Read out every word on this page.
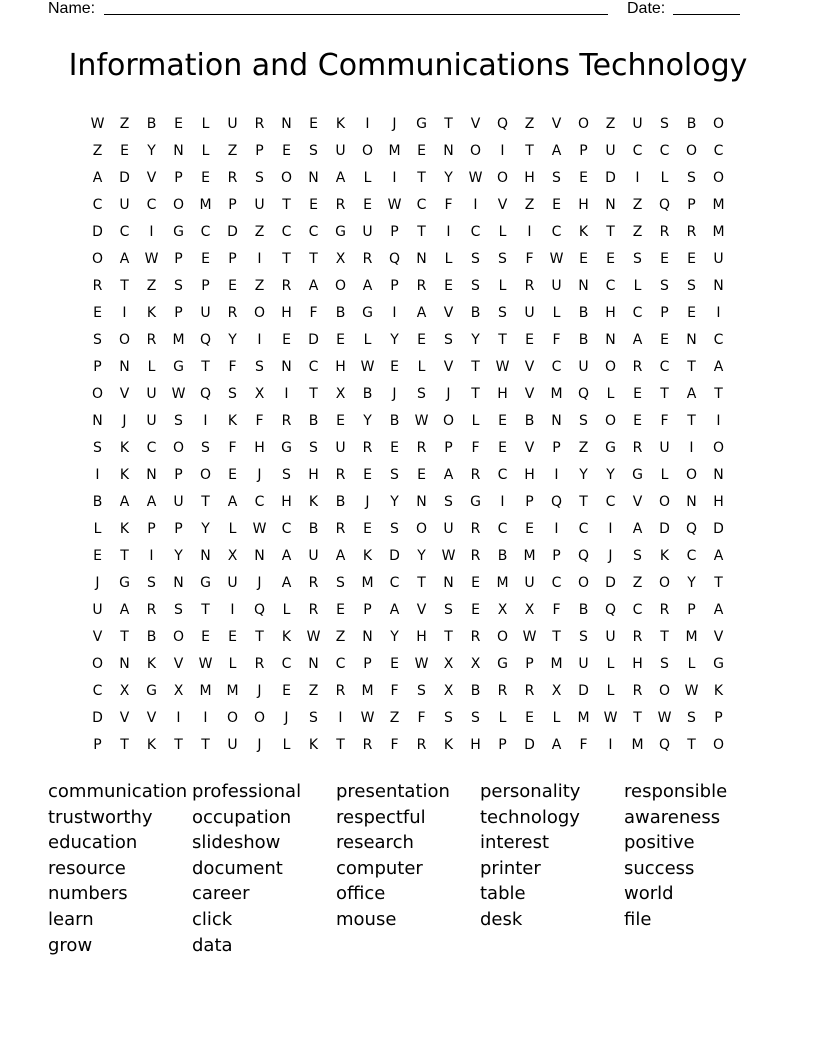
Name:	Date:
Information and Communications Technology
W	Z	B	E	L	U	R	N	E	K	I	J	G	T	V	Q	Z	V	O	Z	U	S	B	O
Z	E	Y	N	L	Z	P	E	S	U	O	M	E	N	O	I	T	A	P	U	C	C	O	C
A	D	V	P	E	R	S	O	N	A	L	I	T	Y	W	O	H	S	E	D	I	L	S	O
C	U	C	O	M	P	U	T	E	R	E	W	C	F	I	V	Z	E	H	N	Z	Q	P	M
D	C	I	G	C	D	Z	C	C	G	U	P	T	I	C	L	I	C	K	T	Z	R	R	M
O	A	W	P	E	P	I	T	T	X	R	Q	N	L	S	S	F	W	E	E	S	E	E	U
R	T	Z	S	P	E	Z	R	A	O	A	P	R	E	S	L	R	U	N	C	L	S	S	N
E	I	K	P	U	R	O	H	F	B	G	I	A	V	B	S	U	L	B	H	C	P	E	I
S	O	R	M	Q	Y	I	E	D	E	L	Y	E	S	Y	T	E	F	B	N	A	E	N	C
P	N	L	G	T	F	S	N	C	H	W	E	L	V	T	W	V	C	U	O	R	C	T	A
O	V	U	W	Q	S	X	I	T	X	B	J	S	J	T	H	V	M	Q	L	E	T	A	T
N	J	U	S	I	K	F	R	B	E	Y	B	W	O	L	E	B	N	S	O	E	F	T	I
S	K	C	O	S	F	H	G	S	U	R	E	R	P	F	E	V	P	Z	G	R	U	I	O
I	K	N	P	O	E	J	S	H	R	E	S	E	A	R	C	H	I	Y	Y	G	L	O	N
B	A	A	U	T	A	C	H	K	B	J	Y	N	S	G	I	P	Q	T	C	V	O	N	H
L	K	P	P	Y	L	W	C	B	R	E	S	O	U	R	C	E	I	C	I	A	D	Q	D
E	T	I	Y	N	X	N	A	U	A	K	D	Y	W	R	B	M	P	Q	J	S	K	C	A
J	G	S	N	G	U	J	A	R	S	M	C	T	N	E	M	U	C	O	D	Z	O	Y	T
U	A	R	S	T	I	Q	L	R	E	P	A	V	S	E	X	X	F	B	Q	C	R	P	A
V	T	B	O	E	E	T	K	W	Z	N	Y	H	T	R	O	W	T	S	U	R	T	M	V
O	N	K	V	W	L	R	C	N	C	P	E	W	X	X	G	P	M	U	L	H	S	L	G
C	X	G	X	M	M	J	E	Z	R	M	F	S	X	B	R	R	X	D	L	R	O	W	K
D	V	V	I	I	O	O	J	S	I	W	Z	F	S	S	L	E	L	M	W	T	W	S	P
P	T	K	T	T	U	J	L	K	T	R	F	R	K	H	P	D	A	F	I	M	Q	T	O
communication professional	presentation	personality	responsible
trustworthy	occupation	respectful	technology	awareness
education	slideshow	research	interest	positive
resource	document	computer	printer	success
numbers	career	office	table	world
learn	click	mouse	desk	file
grow	data
